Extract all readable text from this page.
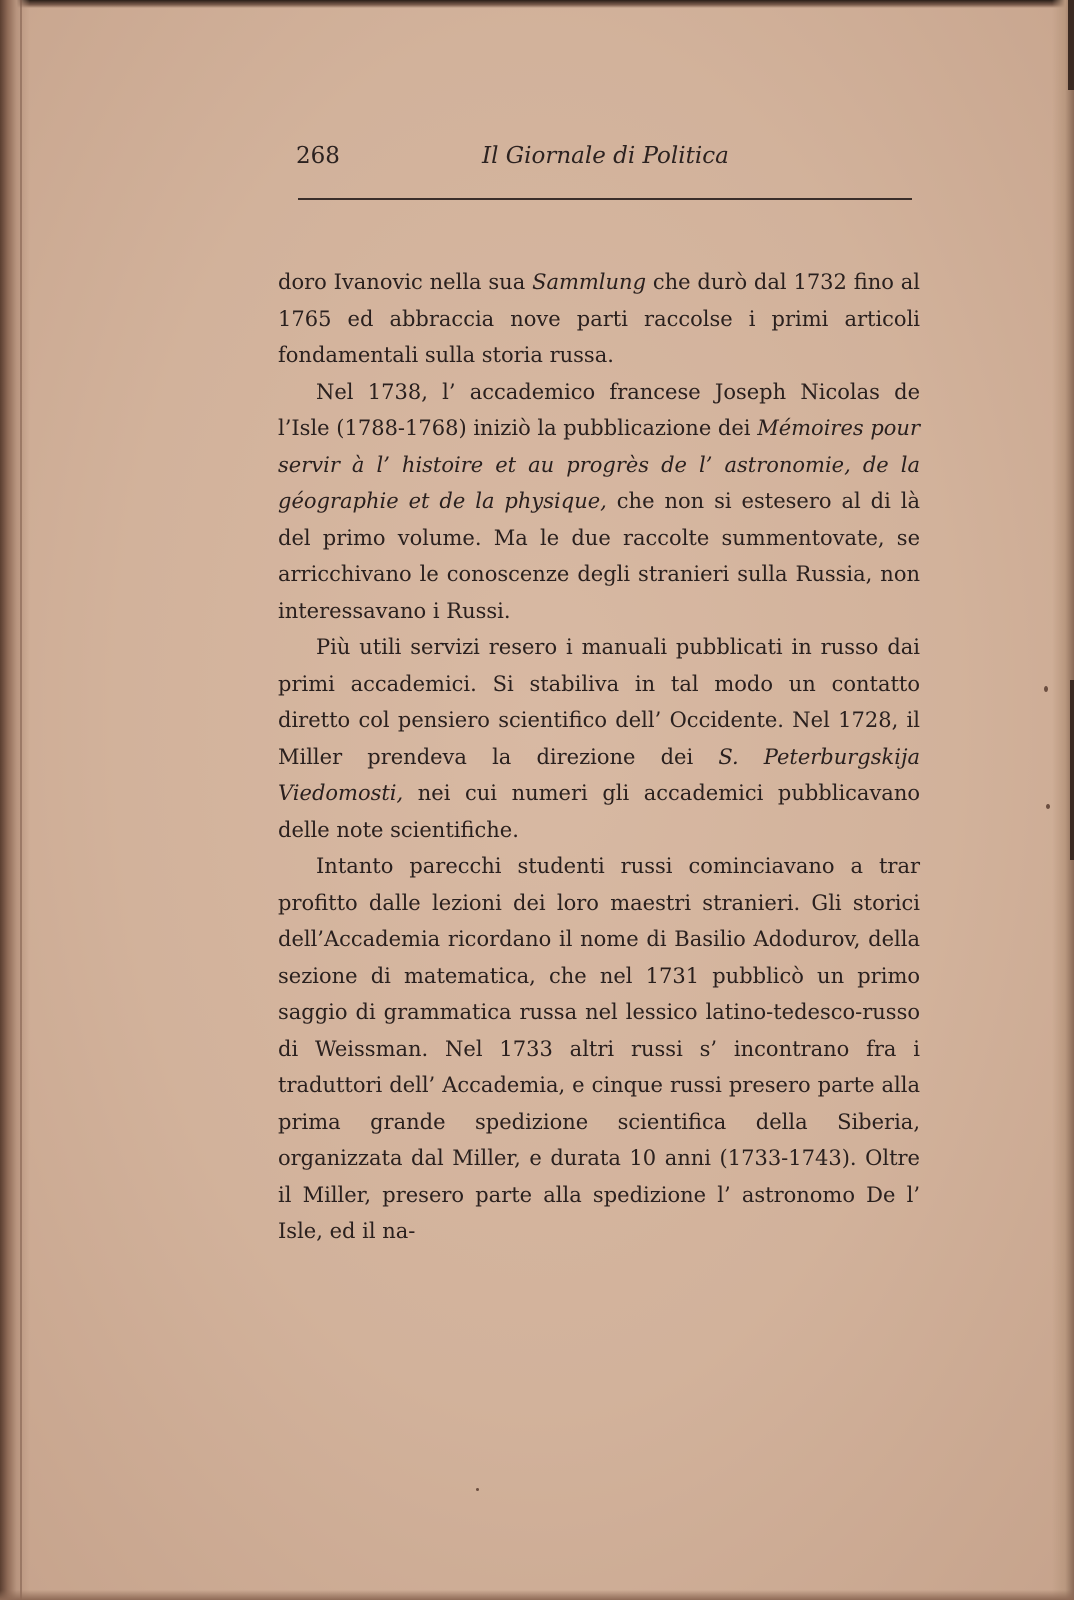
268	Il Giornale di Politica

doro Ivanovic nella sua Sammlung che durò dal 1732 fino al 1765 ed abbraccia nove parti raccolse i primi articoli fondamentali sulla storia russa.

Nel 1738, l’ accademico francese Joseph Nicolas de l’Isle (1788-1768) iniziò la pubblicazione dei Mémoires pour servir à l’ histoire et au progrès de l’ astronomie, de la géographie et de la physique, che non si estesero al di là del primo volume. Ma le due raccolte summentovate, se arricchivano le conoscenze degli stranieri sulla Russia, non interessavano i Russi.

Più utili servizi resero i manuali pubblicati in russo dai primi accademici. Si stabiliva in tal modo un contatto diretto col pensiero scientifico dell’ Occidente. Nel 1728, il Miller prendeva la direzione dei S. Peterburgskija Viedomosti, nei cui numeri gli accademici pubblicavano delle note scientifiche.

Intanto parecchi studenti russi cominciavano a trar profitto dalle lezioni dei loro maestri stranieri. Gli storici dell’Accademia ricordano il nome di Basilio Adodurov, della sezione di matematica, che nel 1731 pubblicò un primo saggio di grammatica russa nel lessico latino-tedesco-russo di Weissman. Nel 1733 altri russi s’ incontrano fra i traduttori dell’ Accademia, e cinque russi presero parte alla prima grande spedizione scientifica della Siberia, organizzata dal Miller, e durata 10 anni (1733-1743). Oltre il Miller, presero parte alla spedizione l’ astronomo De l’ Isle, ed il na-
